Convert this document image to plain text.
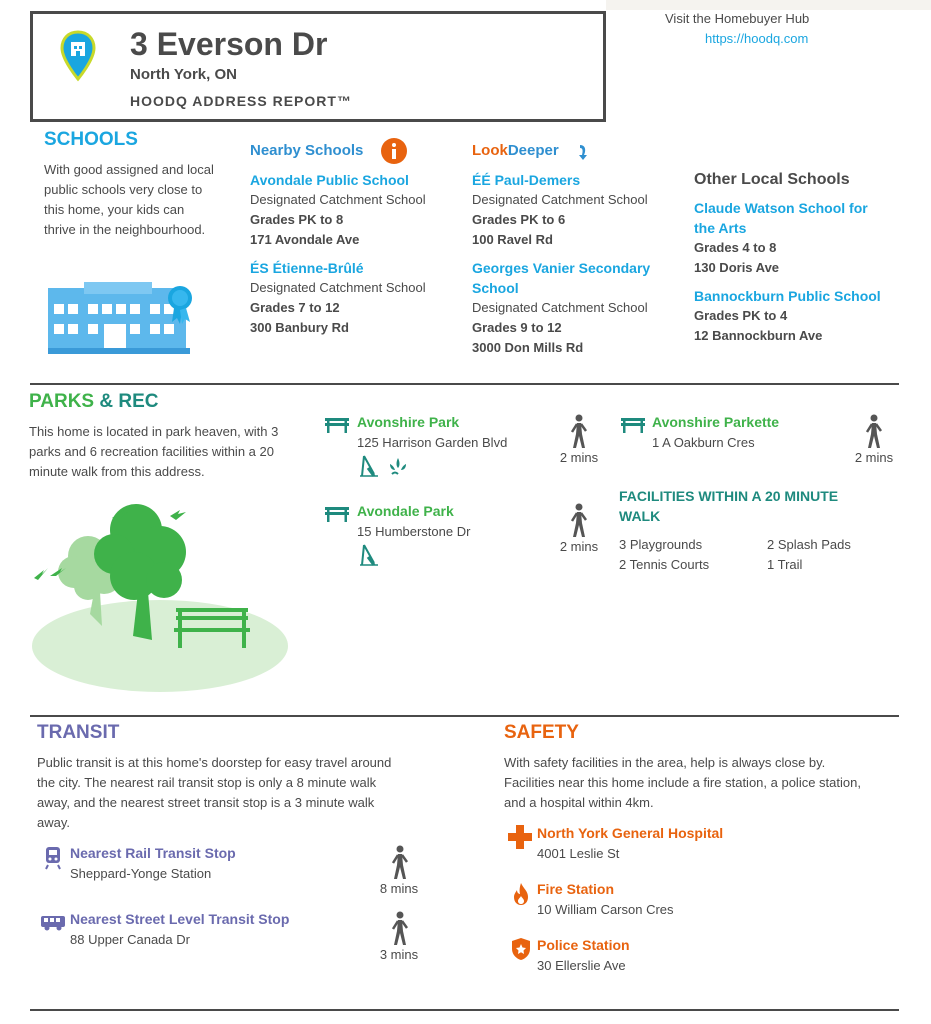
3 Everson Dr
North York, ON
HOODQ ADDRESS REPORT™
Visit the Homebuyer Hub
https://hoodq.com
SCHOOLS
With good assigned and local public schools very close to this home, your kids can thrive in the neighbourhood.
Nearby Schools
Avondale Public School
Designated Catchment School
Grades PK to 8
171 Avondale Ave
ÉS Étienne-Brûlé
Designated Catchment School
Grades 7 to 12
300 Banbury Rd
LookDeeper
ÉÉ Paul-Demers
Designated Catchment School
Grades PK to 6
100 Ravel Rd
Georges Vanier Secondary
School
Designated Catchment School
Grades 9 to 12
3000 Don Mills Rd
Other Local Schools
Claude Watson School for
the Arts
Grades 4 to 8
130 Doris Ave
Bannockburn Public School
Grades PK to 4
12 Bannockburn Ave
PARKS & REC
This home is located in park heaven, with 3 parks and 6 recreation facilities within a 20 minute walk from this address.
Avonshire Park
125 Harrison Garden Blvd
2 mins
Avonshire Parkette
1 A Oakburn Cres
2 mins
Avondale Park
15 Humberstone Dr
2 mins
FACILITIES WITHIN A 20 MINUTE
WALK
3 Playgrounds	2 Splash Pads
2 Tennis Courts	1 Trail
TRANSIT
Public transit is at this home's doorstep for easy travel around the city. The nearest rail transit stop is only a 8 minute walk away, and the nearest street transit stop is a 3 minute walk away.
Nearest Rail Transit Stop
Sheppard-Yonge Station
8 mins
Nearest Street Level Transit Stop
88 Upper Canada Dr
3 mins
SAFETY
With safety facilities in the area, help is always close by. Facilities near this home include a fire station, a police station, and a hospital within 4km.
North York General Hospital
4001 Leslie St
Fire Station
10 William Carson Cres
Police Station
30 Ellerslie Ave
